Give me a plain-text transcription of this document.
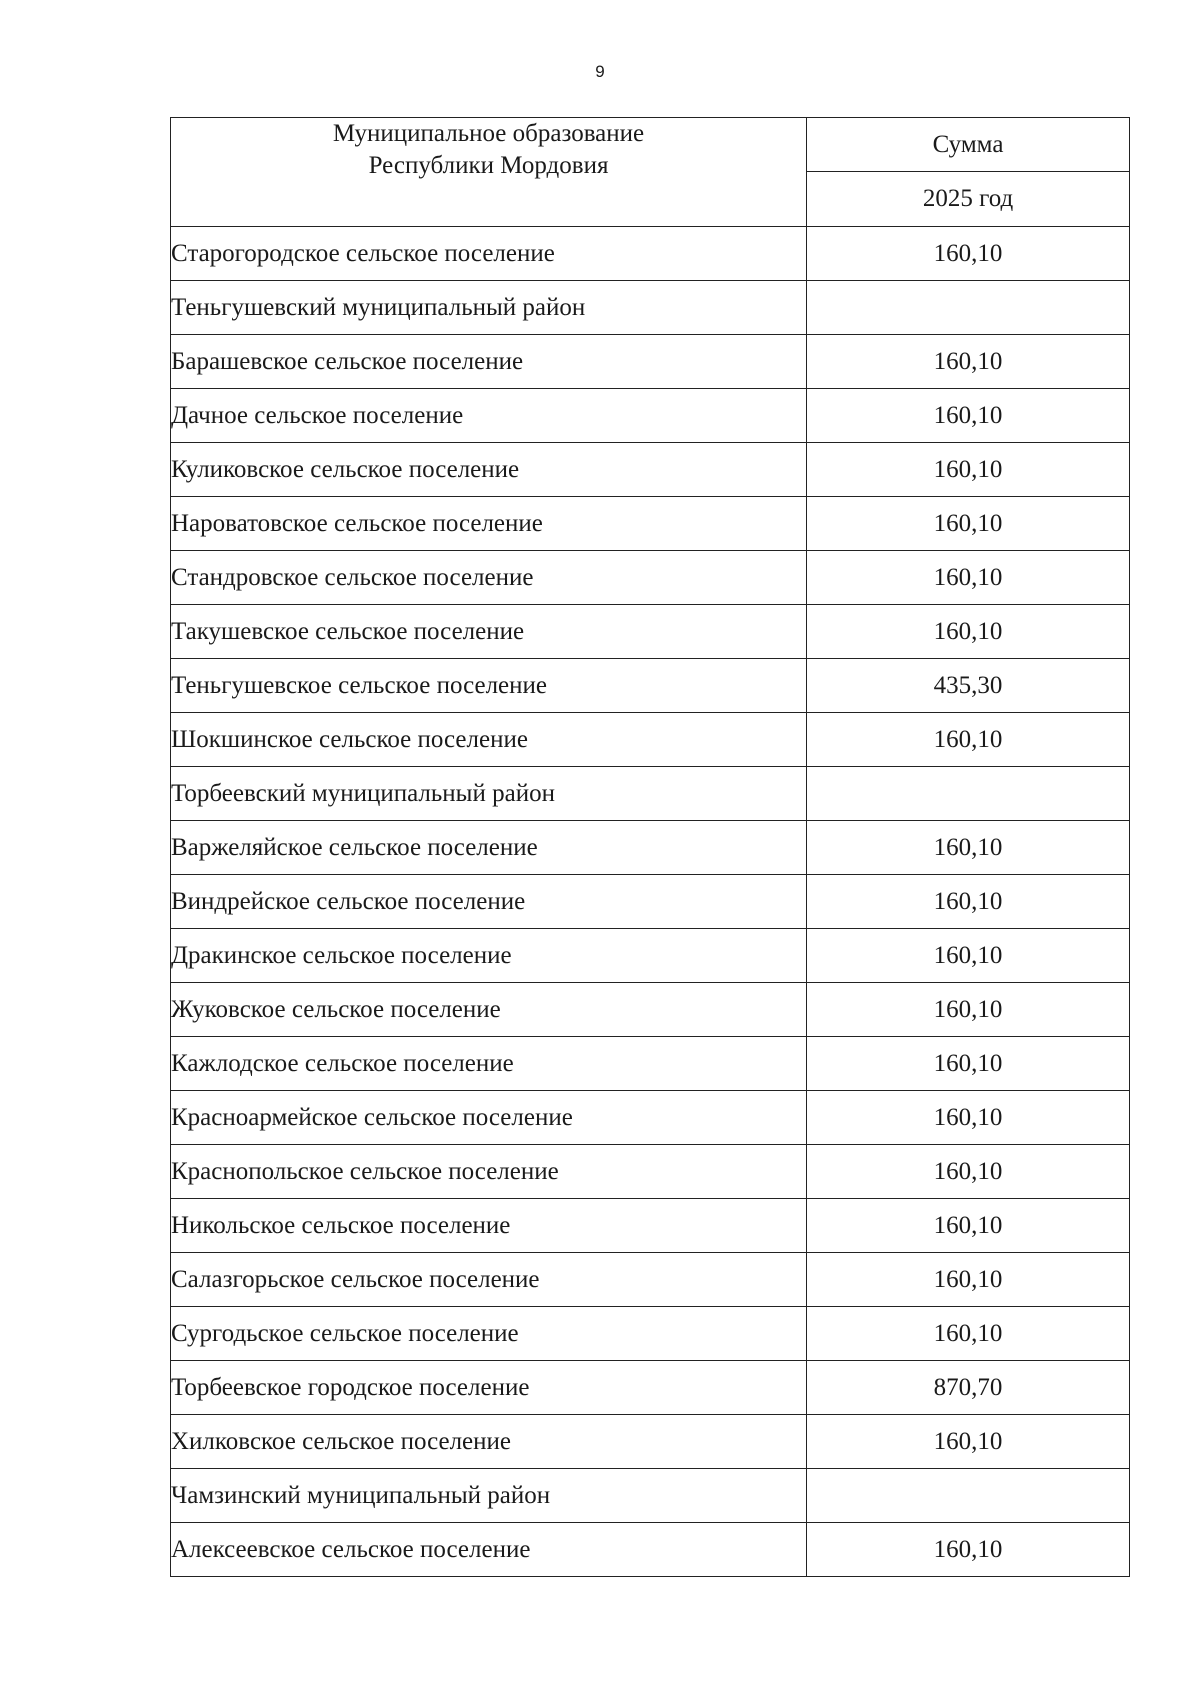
9
Муниципальное образование
Республики Мордовия	Сумма
	2025 год
Старогородское сельское поселение	160,10
Теньгушевский муниципальный район	
Барашевское сельское поселение	160,10
Дачное сельское поселение	160,10
Куликовское сельское поселение	160,10
Нароватовское сельское поселение	160,10
Стандровское сельское поселение	160,10
Такушевское сельское поселение	160,10
Теньгушевское сельское поселение	435,30
Шокшинское сельское поселение	160,10
Торбеевский муниципальный район	
Варжеляйское сельское поселение	160,10
Виндрейское сельское поселение	160,10
Дракинское сельское поселение	160,10
Жуковское сельское поселение	160,10
Кажлодское сельское поселение	160,10
Красноармейское сельское поселение	160,10
Краснопольское сельское поселение	160,10
Никольское сельское поселение	160,10
Салазгорьское сельское поселение	160,10
Сургодьское сельское поселение	160,10
Торбеевское городское поселение	870,70
Хилковское сельское поселение	160,10
Чамзинский муниципальный район	
Алексеевское сельское поселение	160,10
